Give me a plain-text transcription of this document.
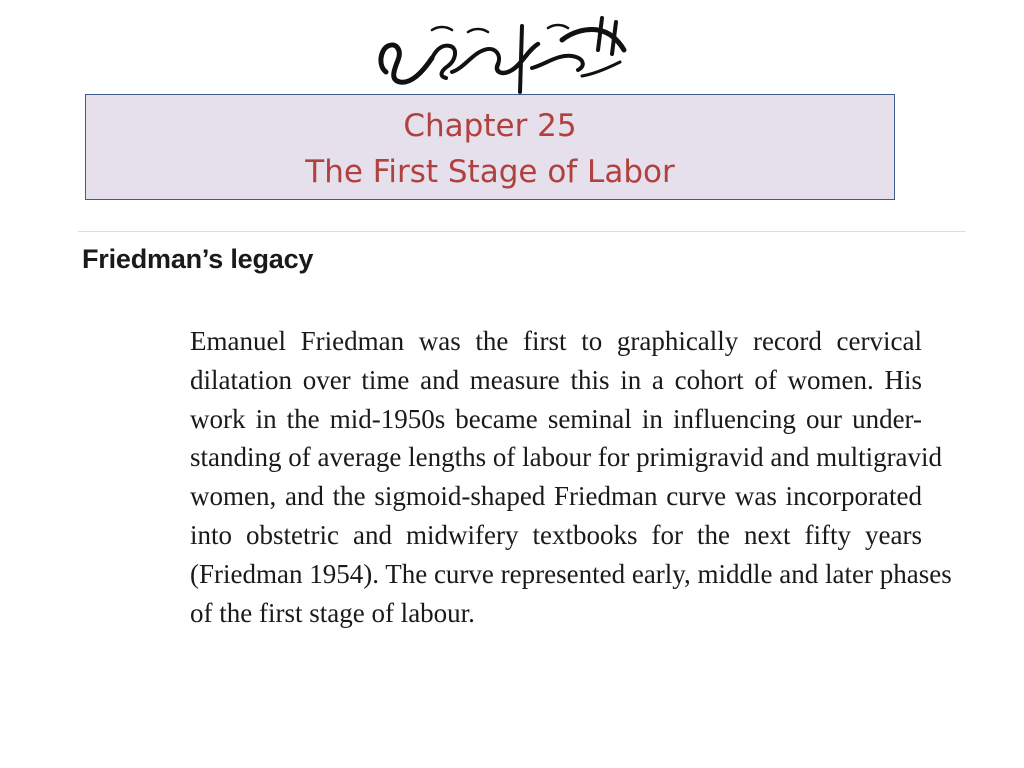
Chapter 25
The First Stage of Labor
Friedman’s legacy
Emanuel Friedman was the first to graphically record cervical
dilatation over time and measure this in a cohort of women. His
work in the mid-1950s became seminal in influencing our under-
standing of average lengths of labour for primigravid and multigravid
women, and the sigmoid-shaped Friedman curve was incorporated
into obstetric and midwifery textbooks for the next fifty years
(Friedman 1954). The curve represented early, middle and later phases
of the first stage of labour.
